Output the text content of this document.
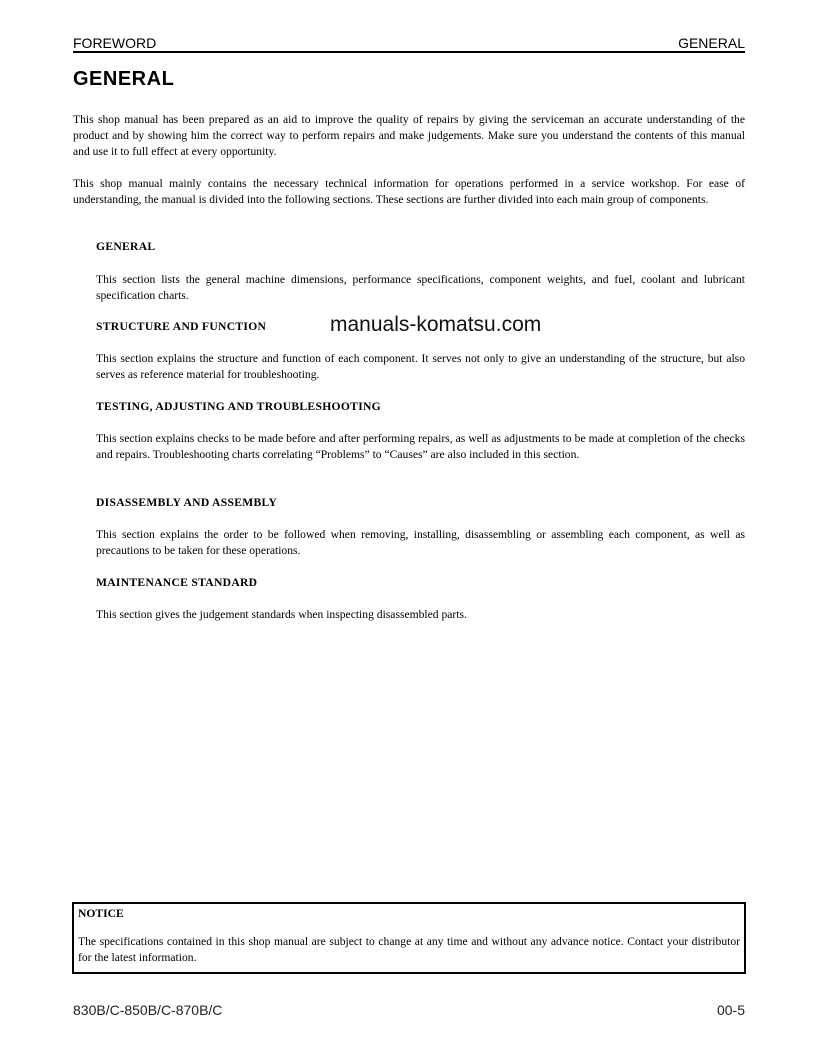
FOREWORD	GENERAL
GENERAL
This shop manual has been prepared as an aid to improve the quality of repairs by giving the serviceman an accurate understanding of the product and by showing him the correct way to perform repairs and make judgements. Make sure you understand the contents of this manual and use it to full effect at every opportunity.
This shop manual mainly contains the necessary technical information for operations performed in a service workshop. For ease of understanding, the manual is divided into the following sections. These sections are further divided into each main group of components.
GENERAL
This section lists the general machine dimensions, performance specifications, component weights, and fuel, coolant and lubricant specification charts.
STRUCTURE AND FUNCTION
This section explains the structure and function of each component. It serves not only to give an understanding of the structure, but also serves as reference material for troubleshooting.
TESTING, ADJUSTING AND TROUBLESHOOTING
This section explains checks to be made before and after performing repairs, as well as adjustments to be made at completion of the checks and repairs. Troubleshooting charts correlating “Problems” to “Causes” are also included in this section.
DISASSEMBLY AND ASSEMBLY
This section explains the order to be followed when removing, installing, disassembling or assembling each component, as well as precautions to be taken for these operations.
MAINTENANCE STANDARD
This section gives the judgement standards when inspecting disassembled parts.
manuals-komatsu.com
NOTICE
The specifications contained in this shop manual are subject to change at any time and without any advance notice. Contact your distributor for the latest information.
830B/C-850B/C-870B/C	00-5
